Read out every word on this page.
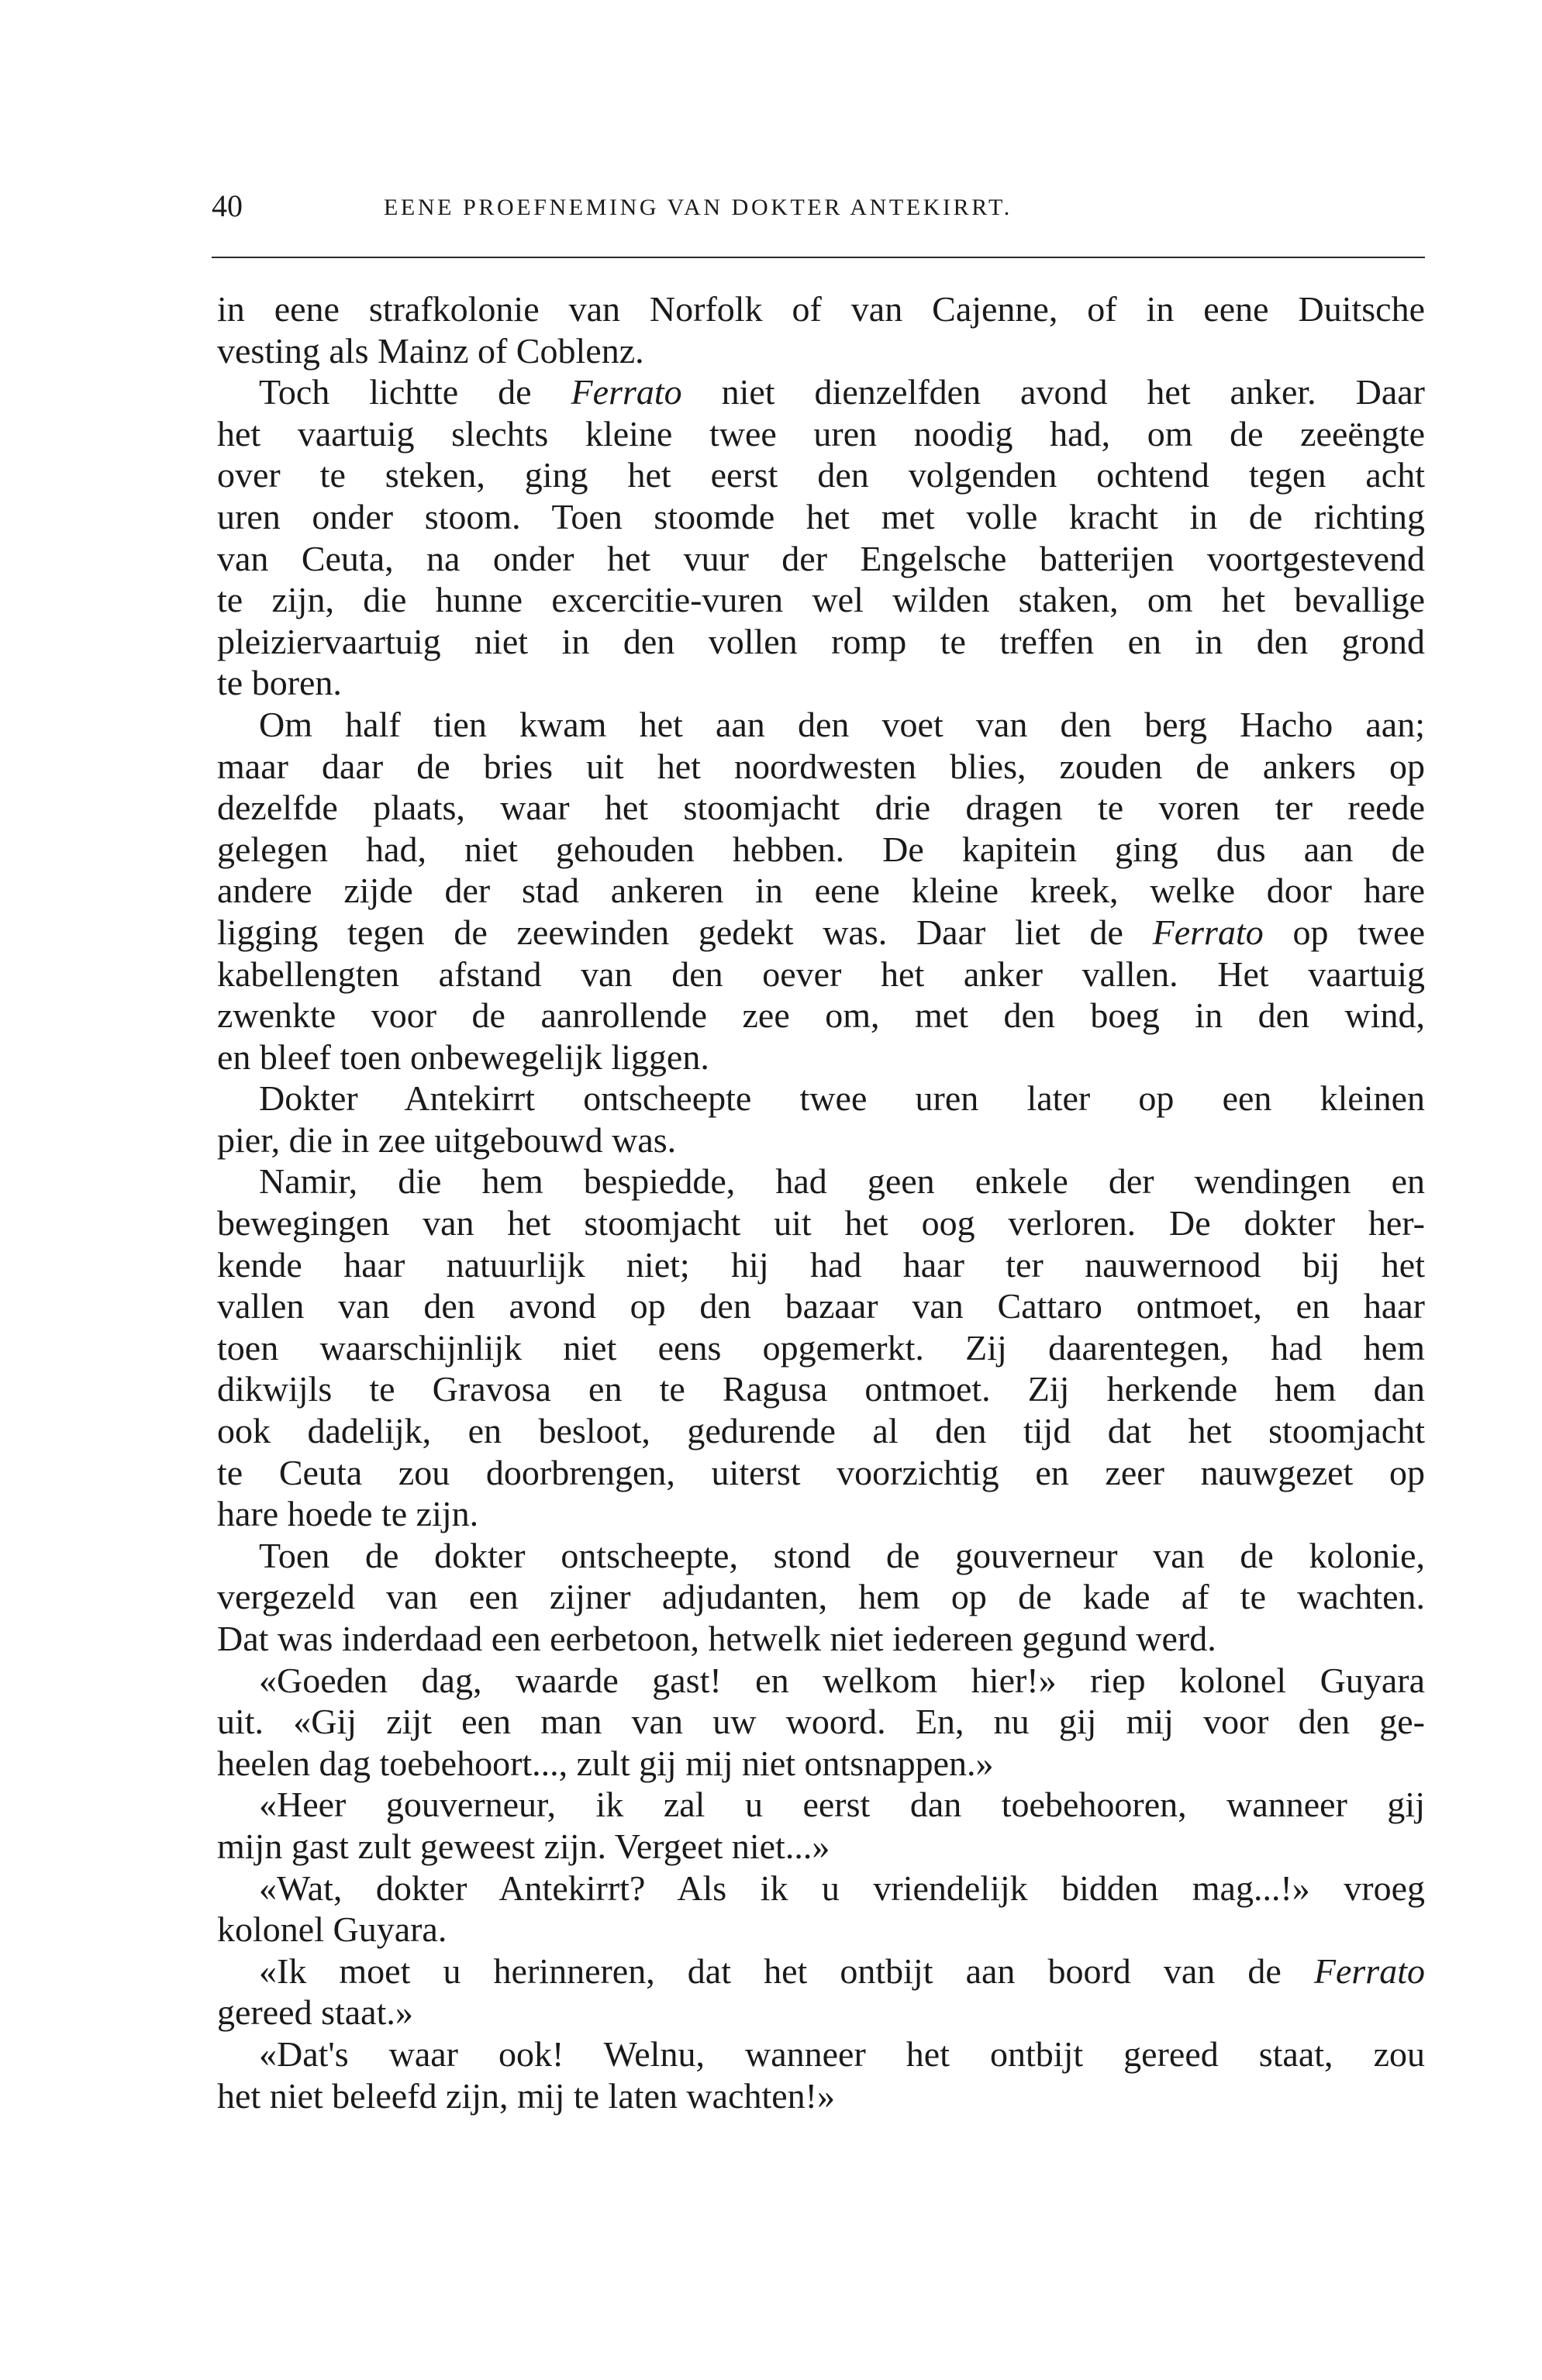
40	EENE PROEFNEMING VAN DOKTER ANTEKIRRT.
in eene strafkolonie van Norfolk of van Cajenne, of in eene Duitsche
vesting als Mainz of Coblenz.
Toch lichtte de Ferrato niet dienzelfden avond het anker. Daar
het vaartuig slechts kleine twee uren noodig had, om de zeeëngte
over te steken, ging het eerst den volgenden ochtend tegen acht
uren onder stoom. Toen stoomde het met volle kracht in de richting
van Ceuta, na onder het vuur der Engelsche batterijen voortgestevend
te zijn, die hunne excercitie-vuren wel wilden staken, om het bevallige
pleiziervaartuig niet in den vollen romp te treffen en in den grond
te boren.
Om half tien kwam het aan den voet van den berg Hacho aan;
maar daar de bries uit het noordwesten blies, zouden de ankers op
dezelfde plaats, waar het stoomjacht drie dragen te voren ter reede
gelegen had, niet gehouden hebben. De kapitein ging dus aan de
andere zijde der stad ankeren in eene kleine kreek, welke door hare
ligging tegen de zeewinden gedekt was. Daar liet de Ferrato op twee
kabellengten afstand van den oever het anker vallen. Het vaartuig
zwenkte voor de aanrollende zee om, met den boeg in den wind,
en bleef toen onbewegelijk liggen.
Dokter Antekirrt ontscheepte twee uren later op een kleinen
pier, die in zee uitgebouwd was.
Namir, die hem bespiedde, had geen enkele der wendingen en
bewegingen van het stoomjacht uit het oog verloren. De dokter her-
kende haar natuurlijk niet; hij had haar ter nauwernood bij het
vallen van den avond op den bazaar van Cattaro ontmoet, en haar
toen waarschijnlijk niet eens opgemerkt. Zij daarentegen, had hem
dikwijls te Gravosa en te Ragusa ontmoet. Zij herkende hem dan
ook dadelijk, en besloot, gedurende al den tijd dat het stoomjacht
te Ceuta zou doorbrengen, uiterst voorzichtig en zeer nauwgezet op
hare hoede te zijn.
Toen de dokter ontscheepte, stond de gouverneur van de kolonie,
vergezeld van een zijner adjudanten, hem op de kade af te wachten.
Dat was inderdaad een eerbetoon, hetwelk niet iedereen gegund werd.
«Goeden dag, waarde gast! en welkom hier!» riep kolonel Guyara
uit. «Gij zijt een man van uw woord. En, nu gij mij voor den ge-
heelen dag toebehoort..., zult gij mij niet ontsnappen.»
«Heer gouverneur, ik zal u eerst dan toebehooren, wanneer gij
mijn gast zult geweest zijn. Vergeet niet...»
«Wat, dokter Antekirrt? Als ik u vriendelijk bidden mag...!» vroeg
kolonel Guyara.
«Ik moet u herinneren, dat het ontbijt aan boord van de Ferrato
gereed staat.»
«Dat's waar ook! Welnu, wanneer het ontbijt gereed staat, zou
het niet beleefd zijn, mij te laten wachten!»
